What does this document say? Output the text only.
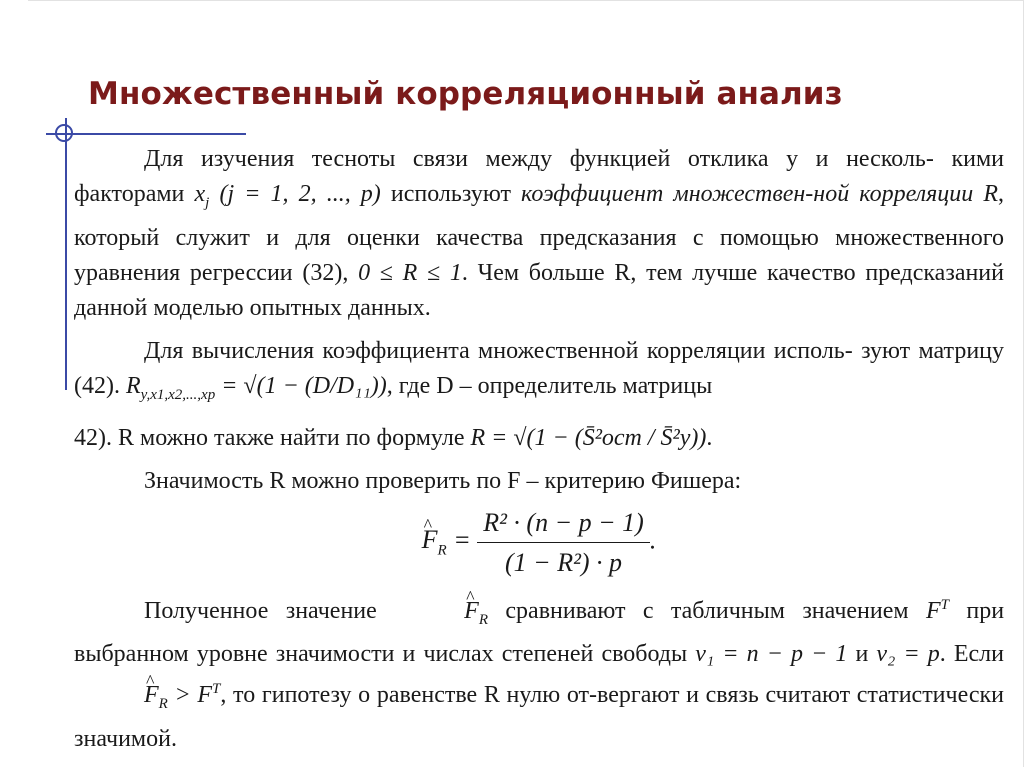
Множественный корреляционный анализ

Для изучения тесноты связи между функцией отклика y и несколь- кими факторами $x_j$ (j = 1, 2, ..., p) используют коэффициент множествен-ной корреляции R, который служит и для оценки качества предсказания с помощью множественного уравнения регрессии (32), 0 ≤ R ≤ 1. Чем больше R, тем лучше качество предсказаний данной моделью опытных данных.

Для вычисления коэффициента множественной корреляции исполь- зуют матрицу (42). $R_{y,x1,x2,...,xp} = √(1 - (D/D_{11}))$, где D – определитель матрицы

42). R можно также найти по формуле R = √(1 − (S̄²ост / S̄²y)).

Значимость R можно проверить по F – критерию Фишера:

^ $F_R = \frac{\text{R² · (n − p − 1)}}{\text{(1 − R²) · p}}$ .

Полученное значение ^	$F_R$ сравнивают с табличным значением $F^T$ при выбранном уровне значимости и числах степеней свободы ν₁ = n − p − 1 и ν₂ = p. Если ^ $F_R > F^T$, то гипотезу о равенстве R нулю от-вергают и связь считают статистически значимой.
